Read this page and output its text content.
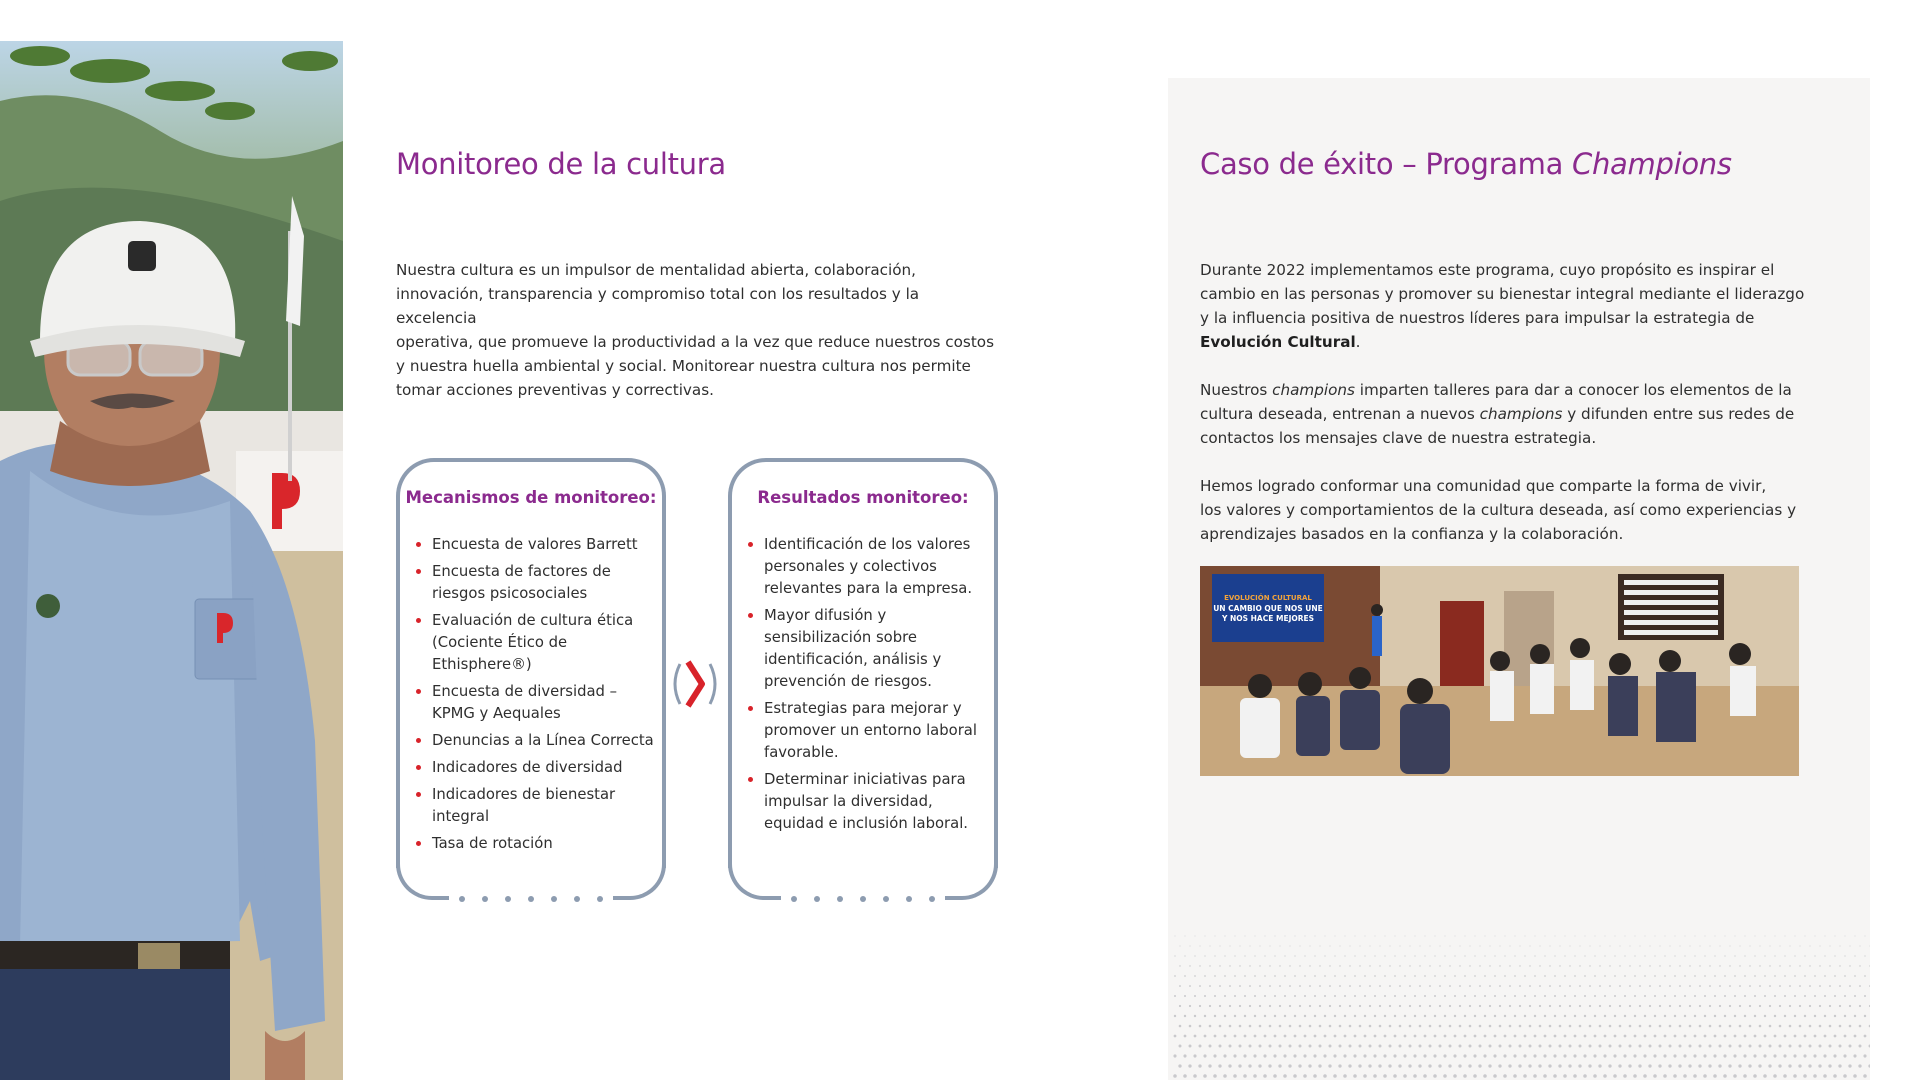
Monitoreo de la cultura

Nuestra cultura es un impulsor de mentalidad abierta, colaboración,
innovación, transparencia y compromiso total con los resultados y la excelencia
operativa, que promueve la productividad a la vez que reduce nuestros costos
y nuestra huella ambiental y social. Monitorear nuestra cultura nos permite
tomar acciones preventivas y correctivas.

Mecanismos de monitoreo:
Encuesta de valores Barrett
Encuesta de factores de riesgos psicosociales
Evaluación de cultura ética (Cociente Ético de Ethisphere®)
Encuesta de diversidad – KPMG y Aequales
Denuncias a la Línea Correcta
Indicadores de diversidad
Indicadores de bienestar integral
Tasa de rotación
Resultados monitoreo:
Identificación de los valores personales y colectivos relevantes para la empresa.
Mayor difusión y sensibilización sobre identificación, análisis y prevención de riesgos.
Estrategias para mejorar y promover un entorno laboral favorable.
Determinar iniciativas para impulsar la diversidad, equidad e inclusión laboral.
Caso de éxito – Programa Champions

Durante 2022 implementamos este programa, cuyo propósito es inspirar el
cambio en las personas y promover su bienestar integral mediante el liderazgo
y la influencia positiva de nuestros líderes para impulsar la estrategia de
Evolución Cultural.

Nuestros champions imparten talleres para dar a conocer los elementos de la
cultura deseada, entrenan a nuevos champions y difunden entre sus redes de
contactos los mensajes clave de nuestra estrategia.

Hemos logrado conformar una comunidad que comparte la forma de vivir,
los valores y comportamientos de la cultura deseada, así como experiencias y
aprendizajes basados en la confianza y la colaboración.

EVOLUCIÓN CULTURAL
UN CAMBIO QUE NOS UNE
Y NOS HACE MEJORES
